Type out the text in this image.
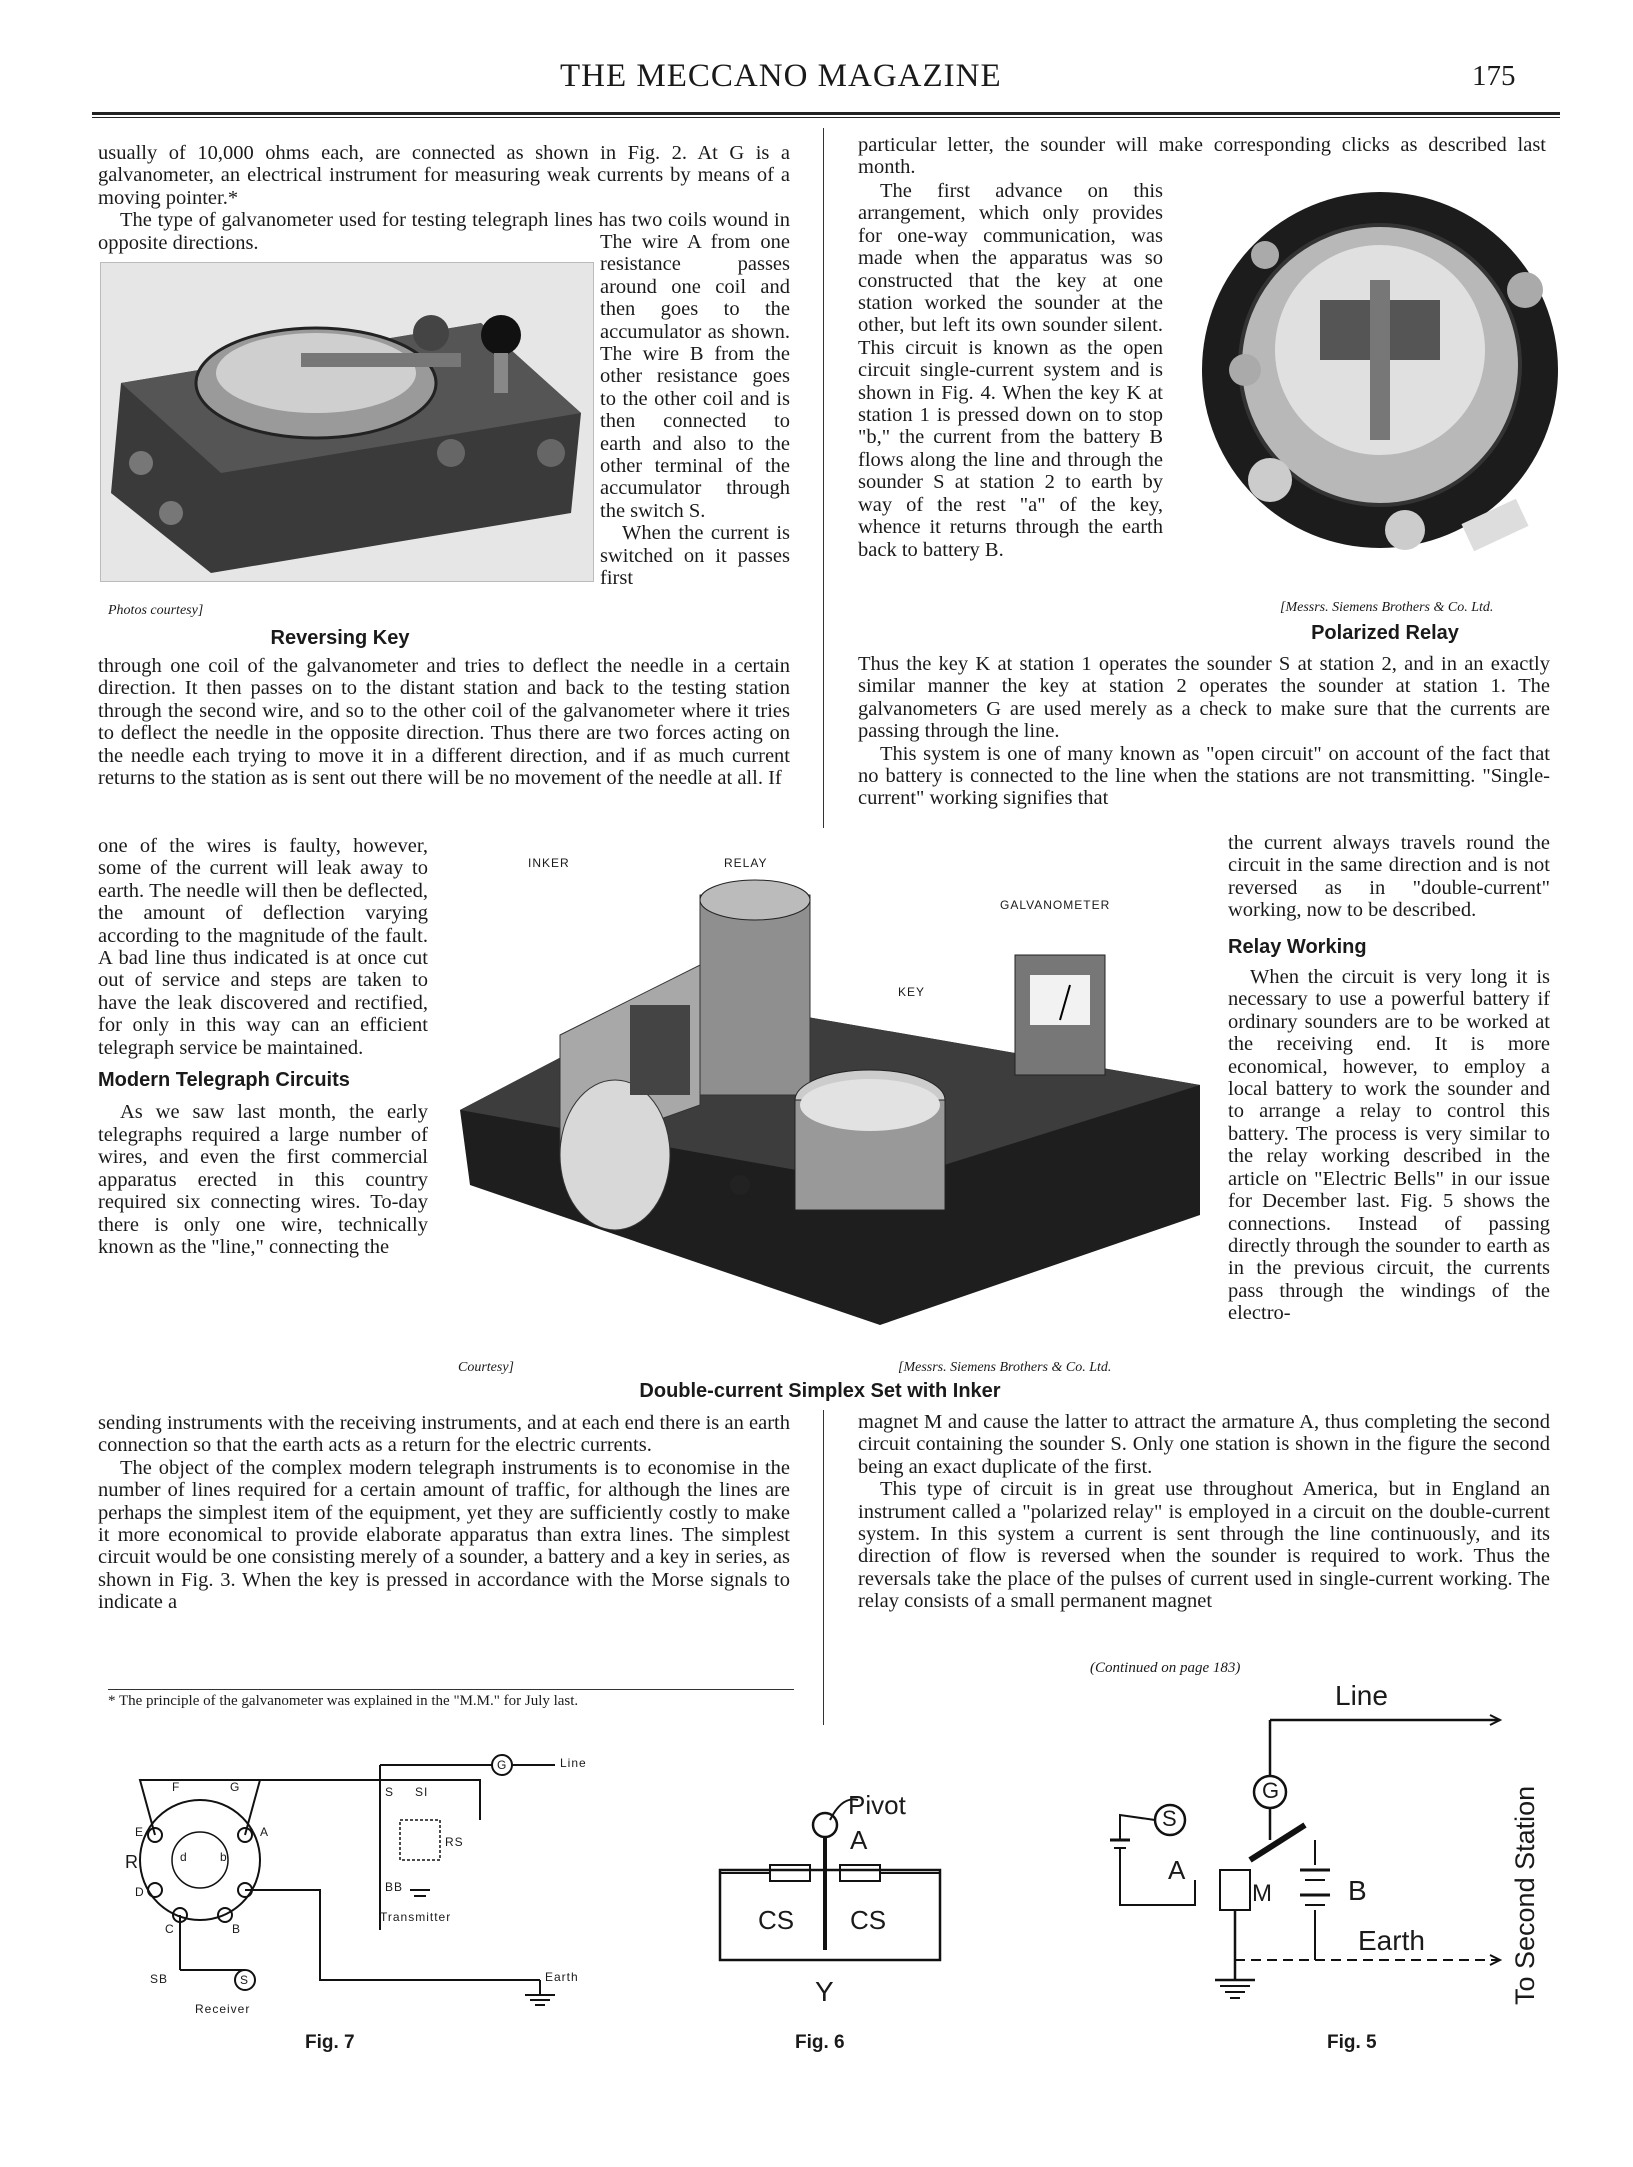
THE MECCANO MAGAZINE	175

usually of 10,000 ohms each, are connected as shown in Fig. 2. At G is a galvanometer, an electrical instrument for measuring weak currents by means of a moving pointer.*

The type of galvanometer used for testing telegraph lines has two coils wound in opposite directions.

Photos courtesy]
Reversing Key

The wire A from one resistance passes around one coil and then goes to the accumulator as shown. The wire B from the other resistance goes to the other coil and is then connected to earth and also to the other terminal of the accumulator through the switch S.

When the current is switched on it passes first

through one coil of the galvanometer and tries to deflect the needle in a certain direction. It then passes on to the distant station and back to the testing station through the second wire, and so to the other coil of the galvanometer where it tries to deflect the needle in the opposite direction. Thus there are two forces acting on the needle each trying to move it in a different direction, and if as much current returns to the station as is sent out there will be no movement of the needle at all. If

one of the wires is faulty, however, some of the current will leak away to earth. The needle will then be deflected, the amount of deflection varying according to the magnitude of the fault. A bad line thus indicated is at once cut out of service and steps are taken to have the leak discovered and rectified, for only in this way can an efficient telegraph service be maintained.

Modern Telegraph Circuits

As we saw last month, the early telegraphs required a large number of wires, and even the first commercial apparatus erected in this country required six connecting wires. To-day there is only one wire, technically known as the "line," connecting the

sending instruments with the receiving instruments, and at each end there is an earth connection so that the earth acts as a return for the electric currents.

The object of the complex modern telegraph instruments is to economise in the number of lines required for a certain amount of traffic, for although the lines are perhaps the simplest item of the equipment, yet they are sufficiently costly to make it more economical to provide elaborate apparatus than extra lines. The simplest circuit would be one consisting merely of a sounder, a battery and a key in series, as shown in Fig. 3. When the key is pressed in accordance with the Morse signals to indicate a

* The principle of the galvanometer was explained in the "M.M." for July last.

particular letter, the sounder will make corresponding clicks as described last month.

The first advance on this arrangement, which only provides for one-way communication, was made when the apparatus was so constructed that the key at one station worked the sounder at the other, but left its own sounder silent. This circuit is known as the open circuit single-current system and is shown in Fig. 4. When the key K at station 1 is pressed down on to stop "b," the current from the battery B flows along the line and through the sounder S at station 2 to earth by way of the rest "a" of the key, whence it returns through the earth back to battery B.

[Messrs. Siemens Brothers & Co. Ltd.
Polarized Relay

Thus the key K at station 1 operates the sounder S at station 2, and in an exactly similar manner the key at station 2 operates the sounder at station 1. The galvanometers G are used merely as a check to make sure that the currents are passing through the line.

This system is one of many known as "open circuit" on account of the fact that no battery is connected to the line when the stations are not transmitting. "Single-current" working signifies that

the current always travels round the circuit in the same direction and is not reversed as in "double-current" working, now to be described.

Relay Working

When the circuit is very long it is necessary to use a powerful battery if ordinary sounders are to be worked at the receiving end. It is more economical, however, to employ a local battery to work the sounder and to arrange a relay to control this battery. The process is very similar to the relay working described in the article on "Electric Bells" in our issue for December last. Fig. 5 shows the connections. Instead of passing directly through the sounder to earth as in the previous circuit, the currents pass through the windings of the electro-

magnet M and cause the latter to attract the armature A, thus completing the second circuit containing the sounder S. Only one station is shown in the figure the second being an exact duplicate of the first.

This type of circuit is in great use throughout America, but in England an instrument called a "polarized relay" is employed in a circuit on the double-current system. In this system a current is sent through the line continuously, and its direction of flow is reversed when the sounder is required to work. Thus the reversals take the place of the pulses of current used in single-current working. The relay consists of a small permanent magnet

(Continued on page 183)
INKER	RELAY
GALVANOMETER
KEY
Courtesy]	[Messrs. Siemens Brothers & Co. Ltd.
Double-current Simplex Set with Inker
F	G
E	A
R	d	b
D
C	B
SB	S
G
S SI
RS
BB
Line
Transmitter
Earth
Receiver
Fig. 7
Pivot
A
CS CS
Y
Fig. 6
Line
G
S
A
M	B
Earth	To Second Station
Fig. 5
